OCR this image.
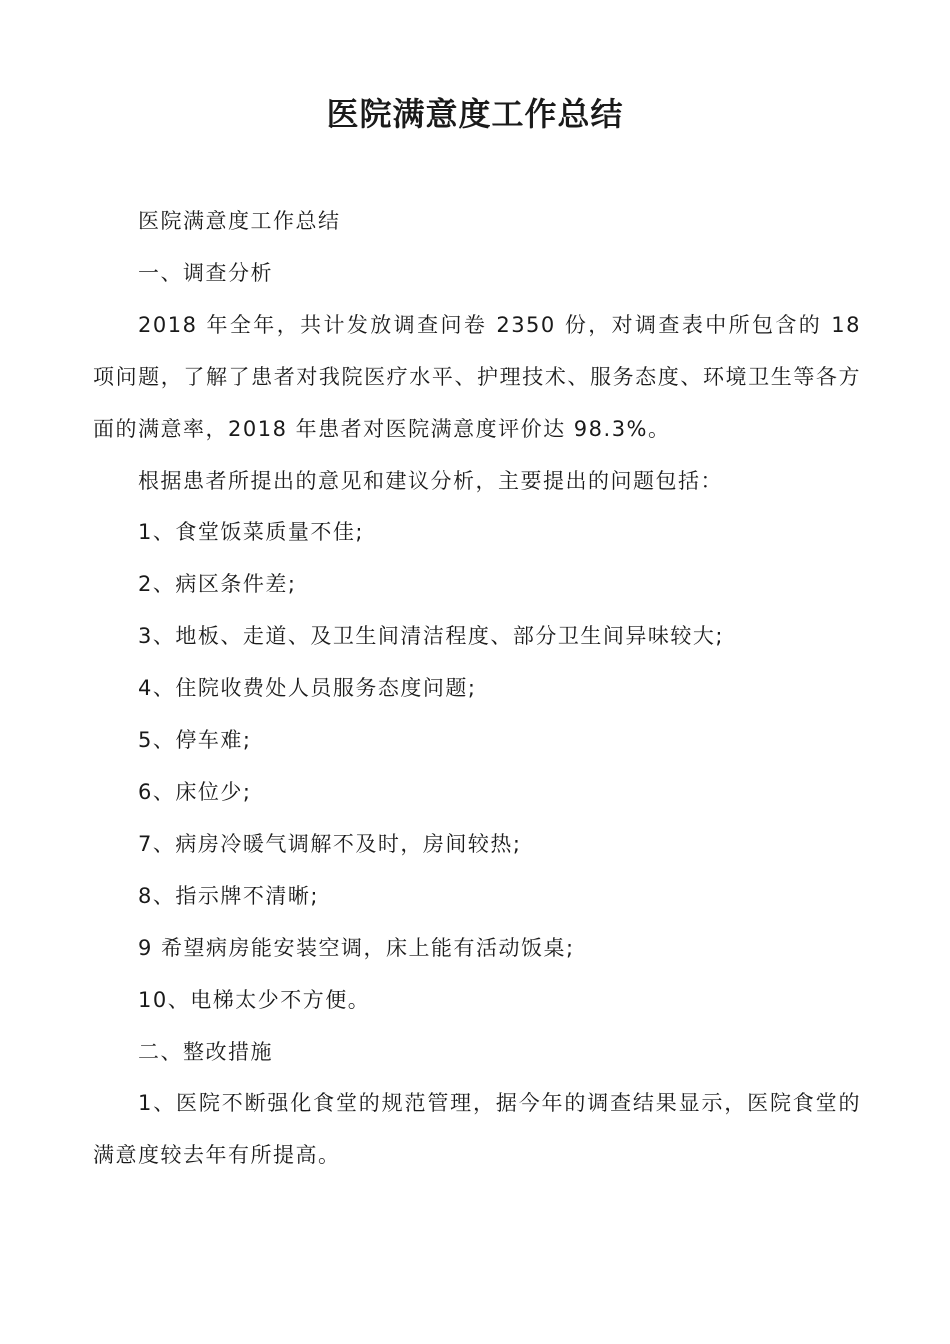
医院满意度工作总结

医院满意度工作总结

一、调查分析

2018 年全年，共计发放调查问卷 2350 份，对调查表中所包含的 18 项问题，了解了患者对我院医疗水平、护理技术、服务态度、环境卫生等各方面的满意率，2018 年患者对医院满意度评价达 98.3%。

根据患者所提出的意见和建议分析，主要提出的问题包括：

1、食堂饭菜质量不佳;

2、病区条件差;

3、地板、走道、及卫生间清洁程度、部分卫生间异味较大;

4、住院收费处人员服务态度问题;

5、停车难;

6、床位少;

7、病房冷暖气调解不及时，房间较热;

8、指示牌不清晰;

9 希望病房能安装空调，床上能有活动饭桌;

10、电梯太少不方便。

二、整改措施

1、医院不断强化食堂的规范管理，据今年的调查结果显示，医院食堂的满意度较去年有所提高。
